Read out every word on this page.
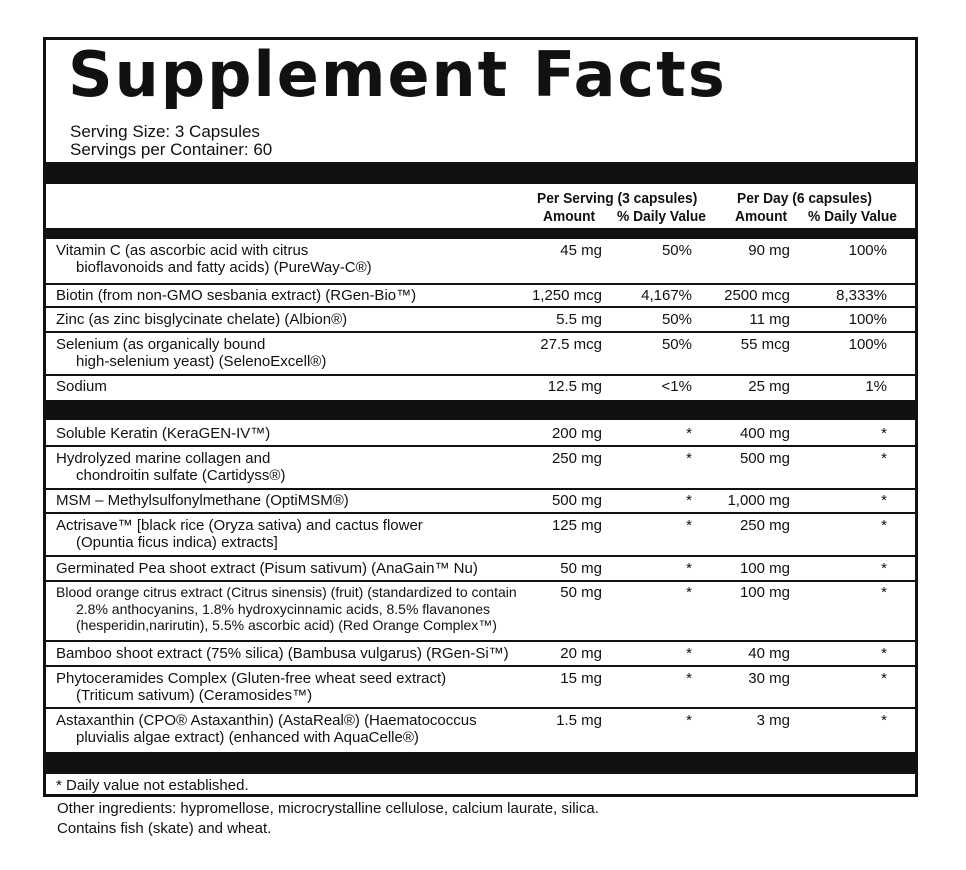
Supplement Facts
Serving Size: 3 Capsules
Servings per Container: 60
Per Serving (3 capsules)	Per Day (6 capsules)
Amount % Daily Value Amount % Daily Value
Vitamin C (as ascorbic acid with citrus
bioflavonoids and fatty acids) (PureWay-C®)
45 mg	50%	90 mg	100%
Biotin (from non-GMO sesbania extract) (RGen-Bio™)	1,250 mcg	4,167% 2500 mcg	8,333%
Zinc (as zinc bisglycinate chelate) (Albion®)	5.5 mg	50%	11 mg	100%
Selenium (as organically bound
high-selenium yeast) (SelenoExcell®)
27.5 mcg	50%	55 mcg	100%
Sodium	12.5 mg	<1%	25 mg	1%
Soluble Keratin (KeraGEN-IV™)	200 mg	*	400 mg	*
Hydrolyzed marine collagen and
chondroitin sulfate (Cartidyss®)
250 mg	*	500 mg	*
MSM – Methylsulfonylmethane (OptiMSM®)	500 mg	* 1,000 mg	*
Actrisave™ [black rice (Oryza sativa) and cactus flower
(Opuntia ficus indica) extracts]
125 mg	*	250 mg	*
Germinated Pea shoot extract (Pisum sativum) (AnaGain™ Nu)	50 mg	*	100 mg	*
Blood orange citrus extract (Citrus sinensis) (fruit) (standardized to contain
2.8% anthocyanins, 1.8% hydroxycinnamic acids, 8.5% flavanones
(hesperidin,narirutin), 5.5% ascorbic acid) (Red Orange Complex™)
50 mg	*	100 mg	*
Bamboo shoot extract (75% silica) (Bambusa vulgarus) (RGen-Si™)	20 mg	*	40 mg	*
Phytoceramides Complex (Gluten-free wheat seed extract)
(Triticum sativum) (Ceramosides™)
15 mg	*	30 mg	*
Astaxanthin (CPO® Astaxanthin) (AstaReal®) (Haematococcus
pluvialis algae extract) (enhanced with AquaCelle®)
1.5 mg	*	3 mg	*
* Daily value not established.
Other ingredients: hypromellose, microcrystalline cellulose, calcium laurate, silica.
Contains fish (skate) and wheat.
